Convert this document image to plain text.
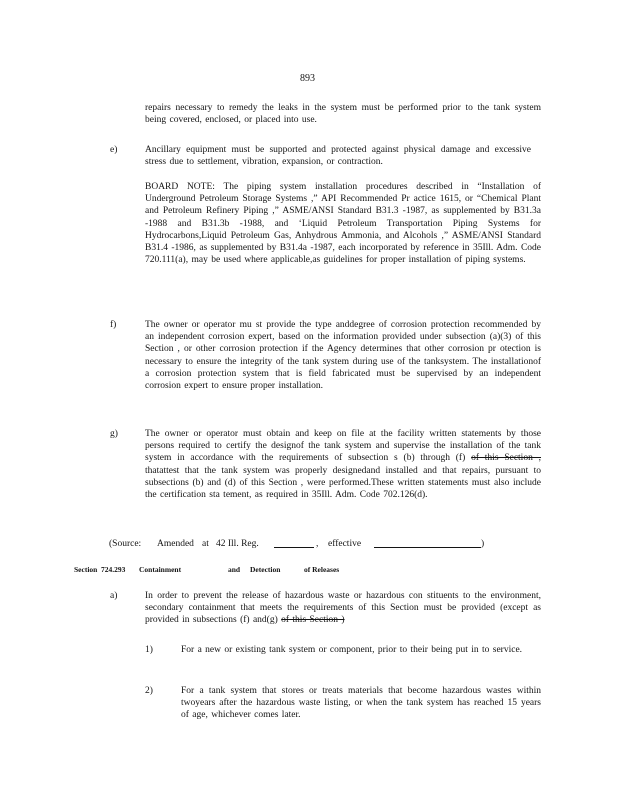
893
repairs necessary to remedy the leaks in the system must be performed prior to the tank system being covered, enclosed, or placed into use.
e)	Ancillary equipment must be supported and protected against physical damage and excessive stress due to settlement, vibration, expansion, or contraction.
BOARD NOTE: The piping system installation procedures described in “Installation of Underground Petroleum Storage Systems ,” API Recommended Pr actice 1615, or “Chemical Plant and Petroleum Refinery Piping ,” ASME/ANSI Standard B31.3 -1987, as supplemented by B31.3a -1988 and B31.3b -1988, and ‘Liquid Petroleum Transportation Piping Systems for Hydrocarbons,Liquid Petroleum Gas, Anhydrous Ammonia, and Alcohols ,” ASME/ANSI Standard B31.4 -1986, as supplemented by B31.4a -1987, each incorporated by reference in 35Ill. Adm. Code 720.111(a), may be used where applicable,as guidelines for proper installation of piping systems.
f)	The owner or operator mu st provide the type anddegree of corrosion protection recommended by an independent corrosion expert, based on the information provided under subsection (a)(3) of this Section , or other corrosion protection if the Agency determines that other corrosion pr otection is necessary to ensure the integrity of the tank system during use of the tanksystem. The installationof a corrosion protection system that is field fabricated must be supervised by an independent corrosion expert to ensure proper installation.
g)	The owner or operator must obtain and keep on file at the facility written statements by those persons required to certify the designof the tank system and supervise the installation of the tank system in accordance with the requirements of subsection s (b) through (f) of this Section , thatattest that the tank system was properly designedand installed and that repairs, pursuant to subsections (b) and (d) of this Section , were performed.These written statements must also include the certification sta tement, as required in 35Ill. Adm. Code 702.126(d).
(Source: Amended at 42 Ill. Reg.	, effective	)
Section 724.293 Containment	and Detection	of Releases
a)	In order to prevent the release of hazardous waste or hazardous con stituents to the environment, secondary containment that meets the requirements of this Section must be provided (except as provided in subsections (f) and(g) of this Section )
1)	For a new or existing tank system or component, prior to their being put in to service.
2)	For a tank system that stores or treats materials that become hazardous wastes within twoyears after the hazardous waste listing, or when the tank system has reached 15 years of age, whichever comes later.
